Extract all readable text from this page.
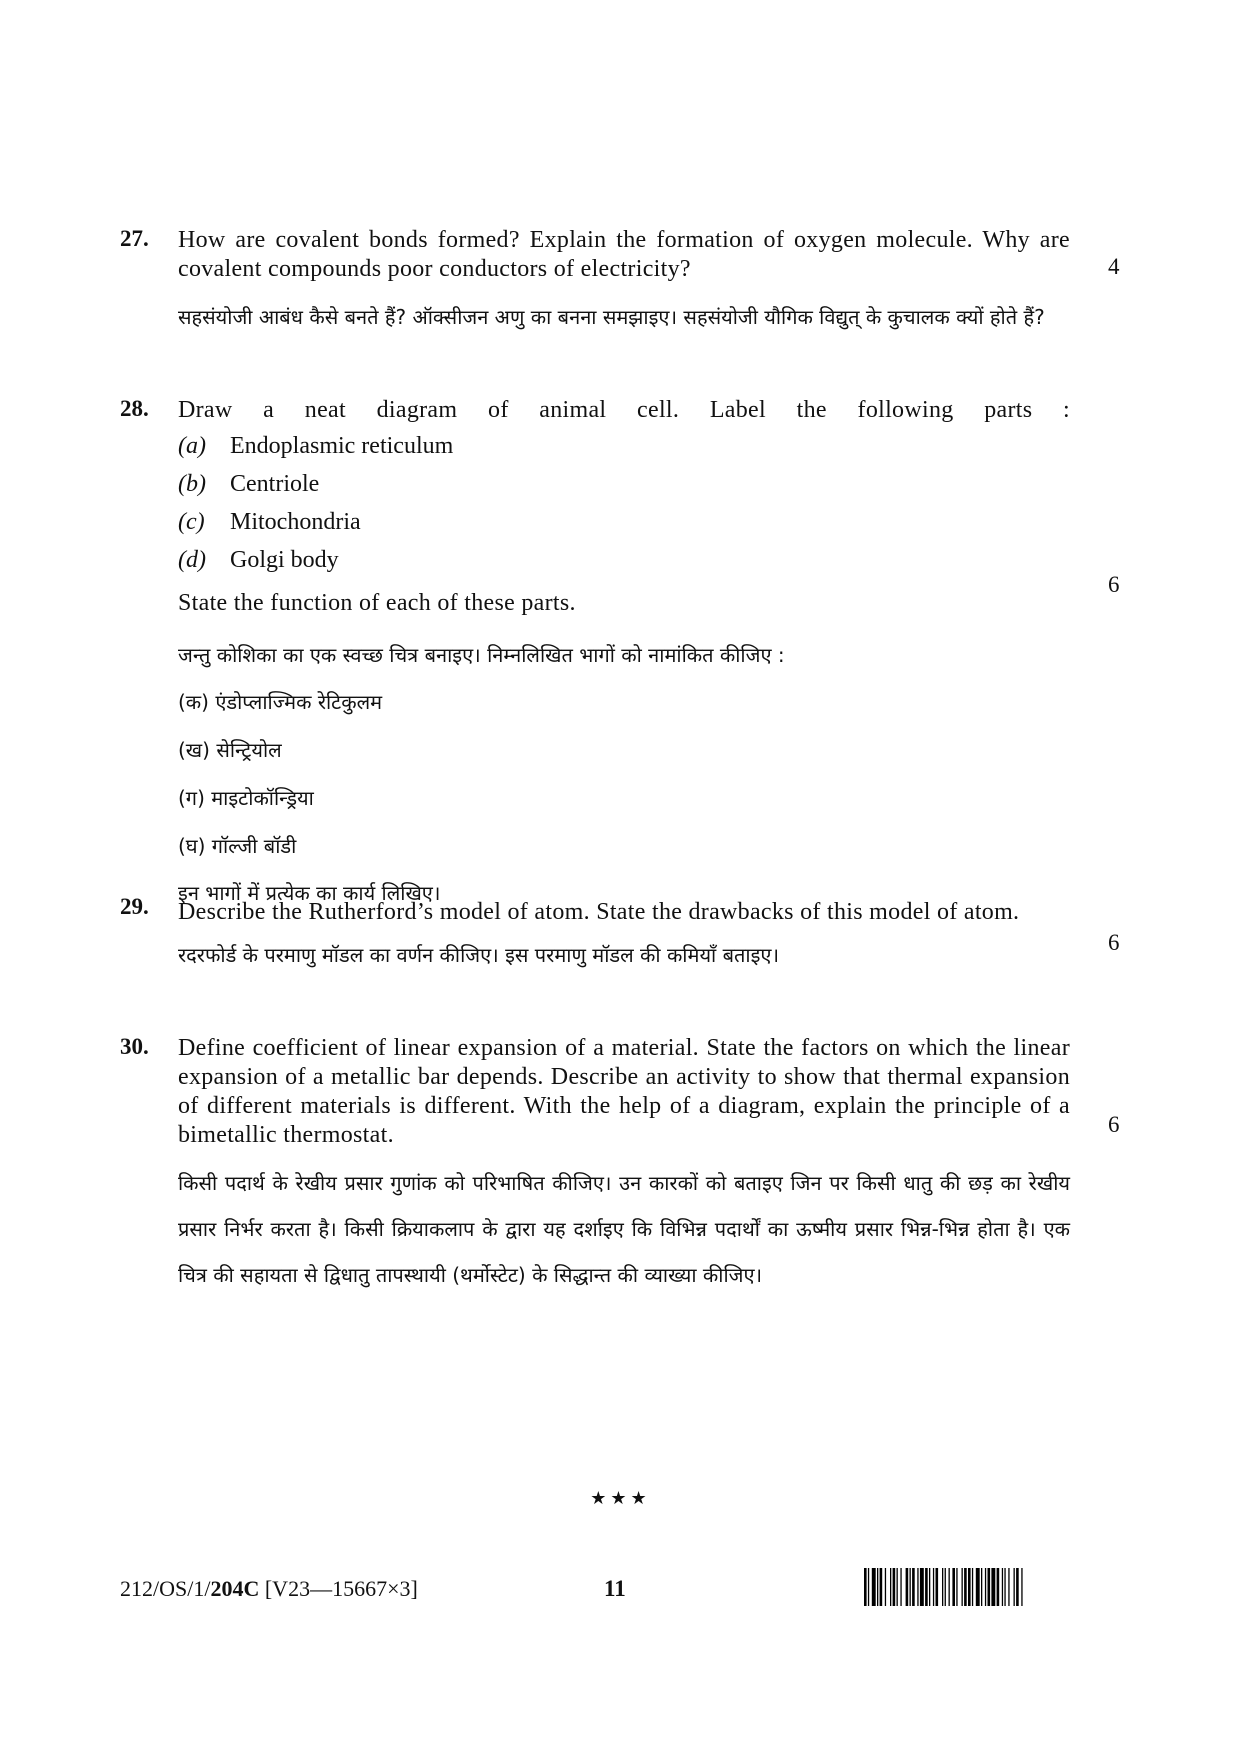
27. How are covalent bonds formed? Explain the formation of oxygen molecule. Why are covalent compounds poor conductors of electricity?
सहसंयोजी आबंध कैसे बनते हैं? ऑक्सीजन अणु का बनना समझाइए। सहसंयोजी यौगिक विद्युत् के कुचालक क्यों होते हैं?
4
28. Draw a neat diagram of animal cell. Label the following parts :
(a) Endoplasmic reticulum
(b) Centriole
(c) Mitochondria
(d) Golgi body
State the function of each of these parts.
जन्तु कोशिका का एक स्वच्छ चित्र बनाइए। निम्नलिखित भागों को नामांकित कीजिए :
(क) एंडोप्लाज्मिक रेटिकुलम
(ख) सेन्ट्रियोल
(ग) माइटोकॉन्ड्रिया
(घ) गॉल्जी बॉडी
इन भागों में प्रत्येक का कार्य लिखिए।
6
29. Describe the Rutherford’s model of atom. State the drawbacks of this model of atom.
रदरफोर्ड के परमाणु मॉडल का वर्णन कीजिए। इस परमाणु मॉडल की कमियाँ बताइए।	6
30. Define coefficient of linear expansion of a material. State the factors on which the linear expansion of a metallic bar depends. Describe an activity to show that thermal expansion of different materials is different. With the help of a diagram, explain the principle of a bimetallic thermostat.
किसी पदार्थ के रेखीय प्रसार गुणांक को परिभाषित कीजिए। उन कारकों को बताइए जिन पर किसी धातु की छड़ का रेखीय प्रसार निर्भर करता है। किसी क्रियाकलाप के द्वारा यह दर्शाइए कि विभिन्न पदार्थों का ऊष्मीय प्रसार भिन्न-भिन्न होता है। एक चित्र की सहायता से द्विधातु तापस्थायी (थर्मोस्टेट) के सिद्धान्त की व्याख्या कीजिए।
6
★★★
212/OS/1/204C [V23—15667×3]	11
